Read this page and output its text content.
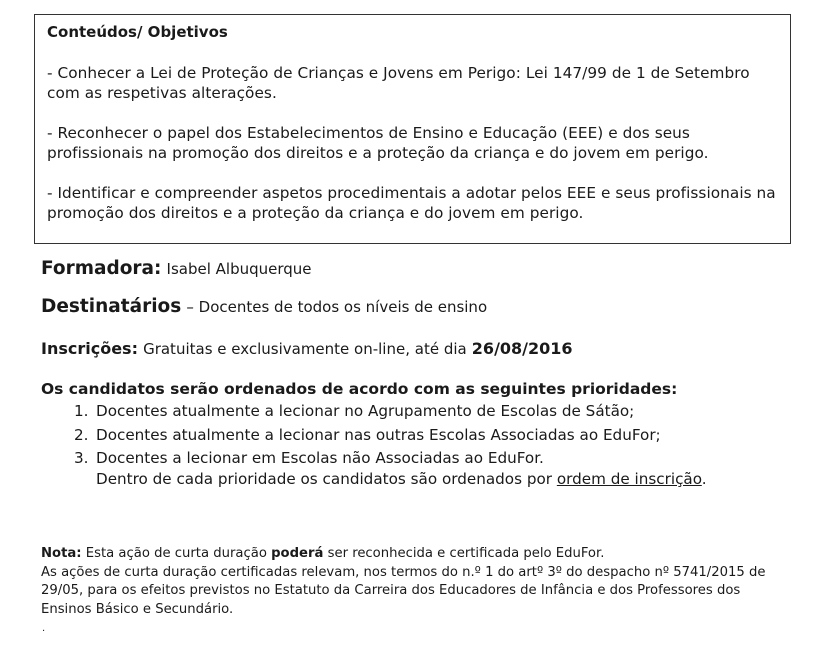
Conteúdos/ Objetivos

- Conhecer a Lei de Proteção de Crianças e Jovens em Perigo: Lei 147/99 de 1 de Setembro com as respetivas alterações.

- Reconhecer o papel dos Estabelecimentos de Ensino e Educação (EEE) e dos seus profissionais na promoção dos direitos e a proteção da criança e do jovem em perigo.

- Identificar e compreender aspetos procedimentais a adotar pelos EEE e seus profissionais na promoção dos direitos e a proteção da criança e do jovem em perigo.

Formadora: Isabel Albuquerque
Destinatários – Docentes de todos os níveis de ensino
Inscrições: Gratuitas e exclusivamente on-line, até dia 26/08/2016
Os candidatos serão ordenados de acordo com as seguintes prioridades:
1. Docentes atualmente a lecionar no Agrupamento de Escolas de Sátão;
2. Docentes atualmente a lecionar nas outras Escolas Associadas ao EduFor;
3. Docentes a lecionar em Escolas não Associadas ao EduFor.
Dentro de cada prioridade os candidatos são ordenados por ordem de inscrição.
Nota: Esta ação de curta duração poderá ser reconhecida e certificada pelo EduFor.
As ações de curta duração certificadas relevam, nos termos do n.º 1 do artº 3º do despacho nº 5741/2015 de 29/05, para os efeitos previstos no Estatuto da Carreira dos Educadores de Infância e dos Professores dos Ensinos Básico e Secundário.
.
